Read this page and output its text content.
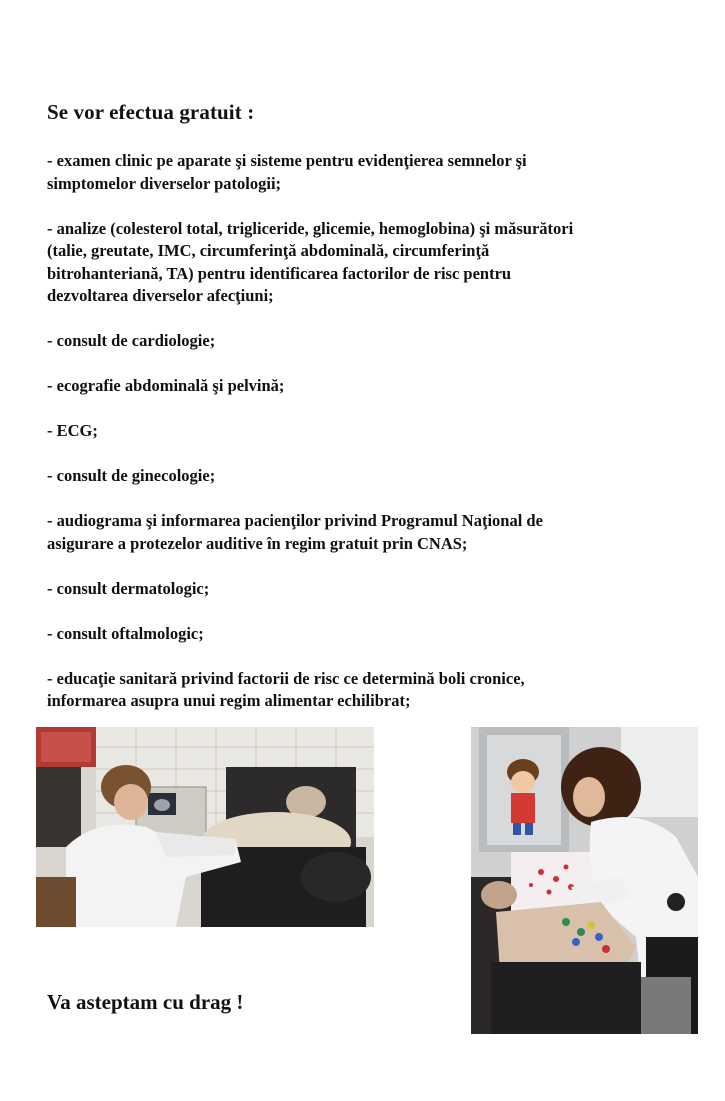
Se vor efectua gratuit :

- examen clinic pe aparate şi sisteme pentru evidenţierea semnelor şi
simptomelor diverselor patologii;

- analize (colesterol total, trigliceride, glicemie, hemoglobina) şi măsurători
(talie, greutate, IMC, circumferinţă abdominală, circumferinţă
bitrohanteriană, TA) pentru identificarea factorilor de risc pentru
dezvoltarea diverselor afecţiuni;

- consult de cardiologie;

- ecografie abdominală şi pelvină;

- ECG;

- consult de ginecologie;

- audiograma şi informarea pacienţilor privind Programul Naţional de
asigurare a protezelor auditive în regim gratuit prin CNAS;

- consult dermatologic;

- consult oftalmologic;

- educaţie sanitară privind factorii de risc ce determină boli cronice,
informarea asupra unui regim alimentar echilibrat;

Va asteptam cu drag !
